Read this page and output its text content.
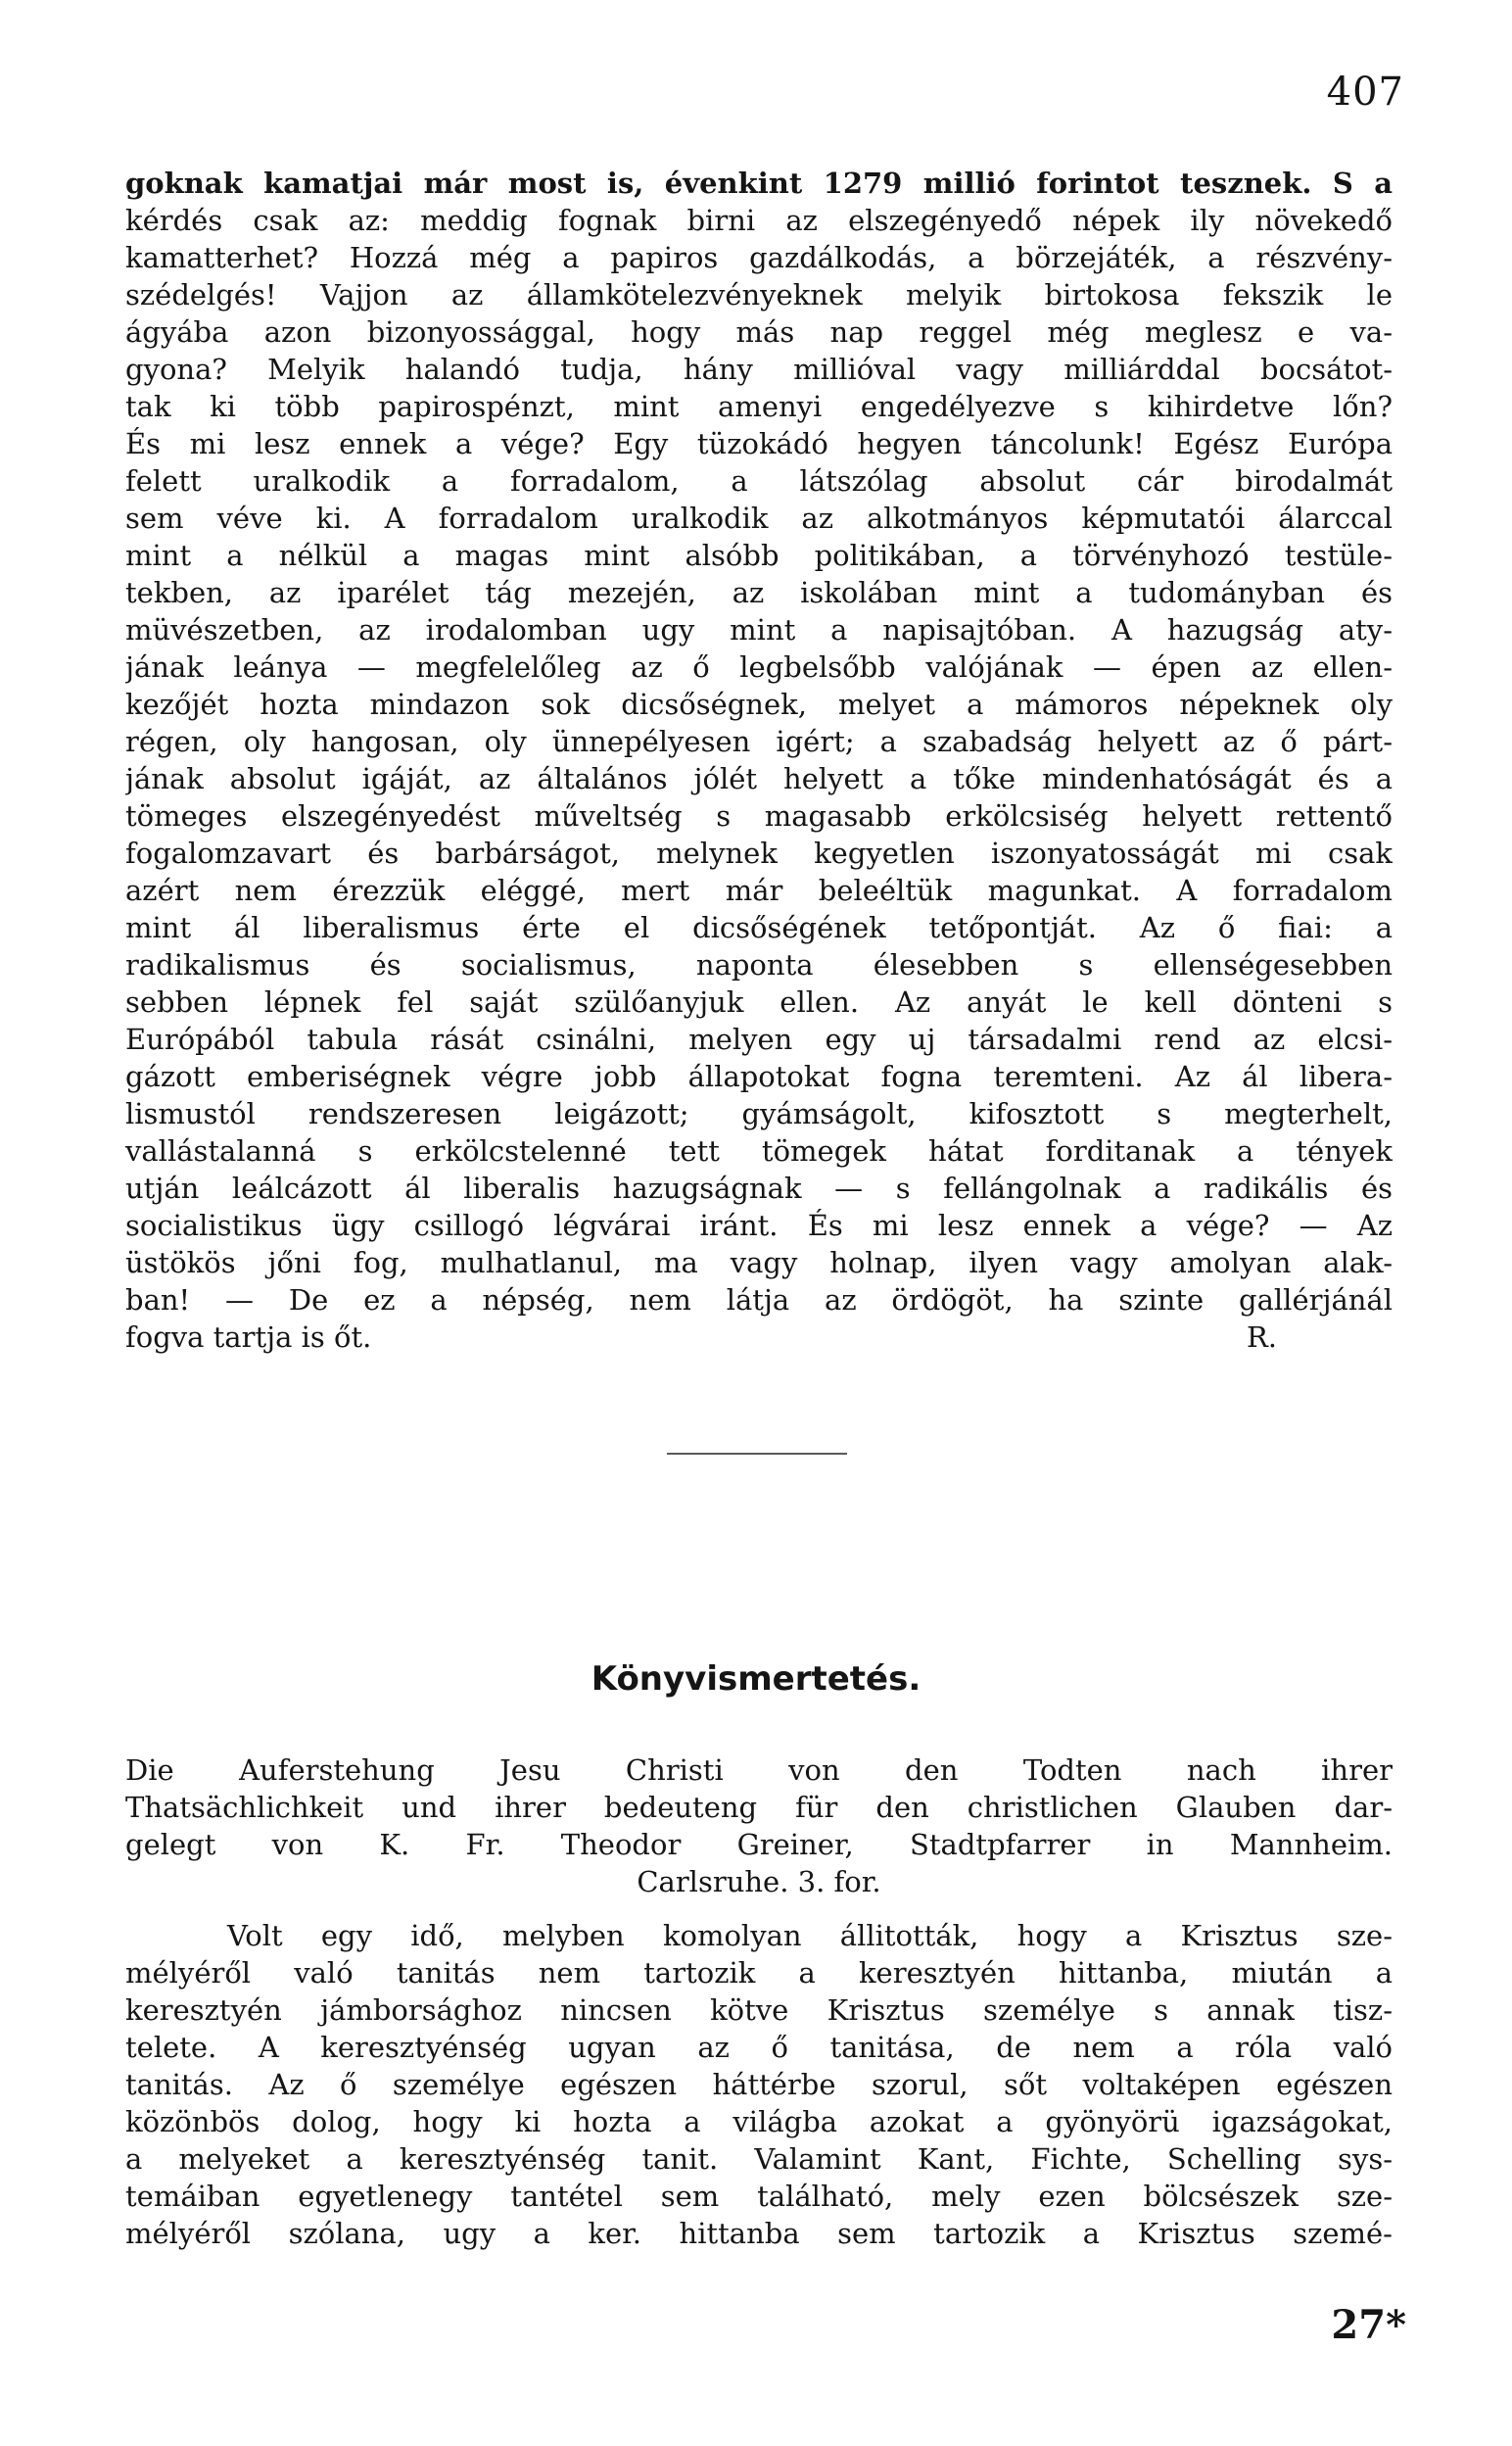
407
goknak kamatjai már most is, évenkint 1279 millió forintot tesznek. S a
kérdés csak az: meddig fognak birni az elszegényedő népek ily növekedő
kamatterhet? Hozzá még a papiros gazdálkodás, a börzejáték, a részvény-
szédelgés! Vajjon az államkötelezvényeknek melyik birtokosa fekszik le
ágyába azon bizonyossággal, hogy más nap reggel még meglesz e va-
gyona? Melyik halandó tudja, hány millióval vagy milliárddal bocsátot-
tak ki több papirospénzt, mint amenyi engedélyezve s kihirdetve lőn?
És mi lesz ennek a vége? Egy tüzokádó hegyen táncolunk! Egész Európa
felett uralkodik a forradalom, a látszólag absolut cár birodalmát
sem véve ki. A forradalom uralkodik az alkotmányos képmutatói álarccal
mint a nélkül a magas mint alsóbb politikában, a törvényhozó testüle-
tekben, az iparélet tág mezején, az iskolában mint a tudományban és
müvészetben, az irodalomban ugy mint a napisajtóban. A hazugság aty-
jának leánya — megfelelőleg az ő legbelsőbb valójának — épen az ellen-
kezőjét hozta mindazon sok dicsőségnek, melyet a mámoros népeknek oly
régen, oly hangosan, oly ünnepélyesen igért; a szabadság helyett az ő párt-
jának absolut igáját, az általános jólét helyett a tőke mindenhatóságát és a
tömeges elszegényedést műveltség s magasabb erkölcsiség helyett rettentő
fogalomzavart és barbárságot, melynek kegyetlen iszonyatosságát mi csak
azért nem érezzük eléggé, mert már beleéltük magunkat. A forradalom
mint ál liberalismus érte el dicsőségének tetőpontját. Az ő fiai: a
radikalismus és socialismus, naponta élesebben s ellenségesebben
sebben lépnek fel saját szülőanyjuk ellen. Az anyát le kell dönteni s
Európából tabula rását csinálni, melyen egy uj társadalmi rend az elcsi-
gázott emberiségnek végre jobb állapotokat fogna teremteni. Az ál libera-
lismustól rendszeresen leigázott; gyámságolt, kifosztott s megterhelt,
vallástalanná s erkölcstelenné tett tömegek hátat forditanak a tények
utján leálcázott ál liberalis hazugságnak — s fellángolnak a radikális és
socialistikus ügy csillogó légvárai iránt. És mi lesz ennek a vége? — Az
üstökös jőni fog, mulhatlanul, ma vagy holnap, ilyen vagy amolyan alak-
ban! — De ez a népség, nem látja az ördögöt, ha szinte gallérjánál
fogva tartja is őt.	R.
Könyvismertetés.
Die Auferstehung Jesu Christi von den Todten nach ihrer
Thatsächlichkeit und ihrer bedeuteng für den christlichen Glauben dar-
gelegt von K. Fr. Theodor Greiner, Stadtpfarrer in Mannheim.
Carlsruhe. 3. for.
Volt egy idő, melyben komolyan állitották, hogy a Krisztus sze-
mélyéről való tanitás nem tartozik a keresztyén hittanba, miután a
keresztyén jámborsághoz nincsen kötve Krisztus személye s annak tisz-
telete. A keresztyénség ugyan az ő tanitása, de nem a róla való
tanitás. Az ő személye egészen háttérbe szorul, sőt voltaképen egészen
közönbös dolog, hogy ki hozta a világba azokat a gyönyörü igazságokat,
a melyeket a keresztyénség tanit. Valamint Kant, Fichte, Schelling sys-
temáiban egyetlenegy tantétel sem található, mely ezen bölcsészek sze-
mélyéről szólana, ugy a ker. hittanba sem tartozik a Krisztus szemé-
27*
